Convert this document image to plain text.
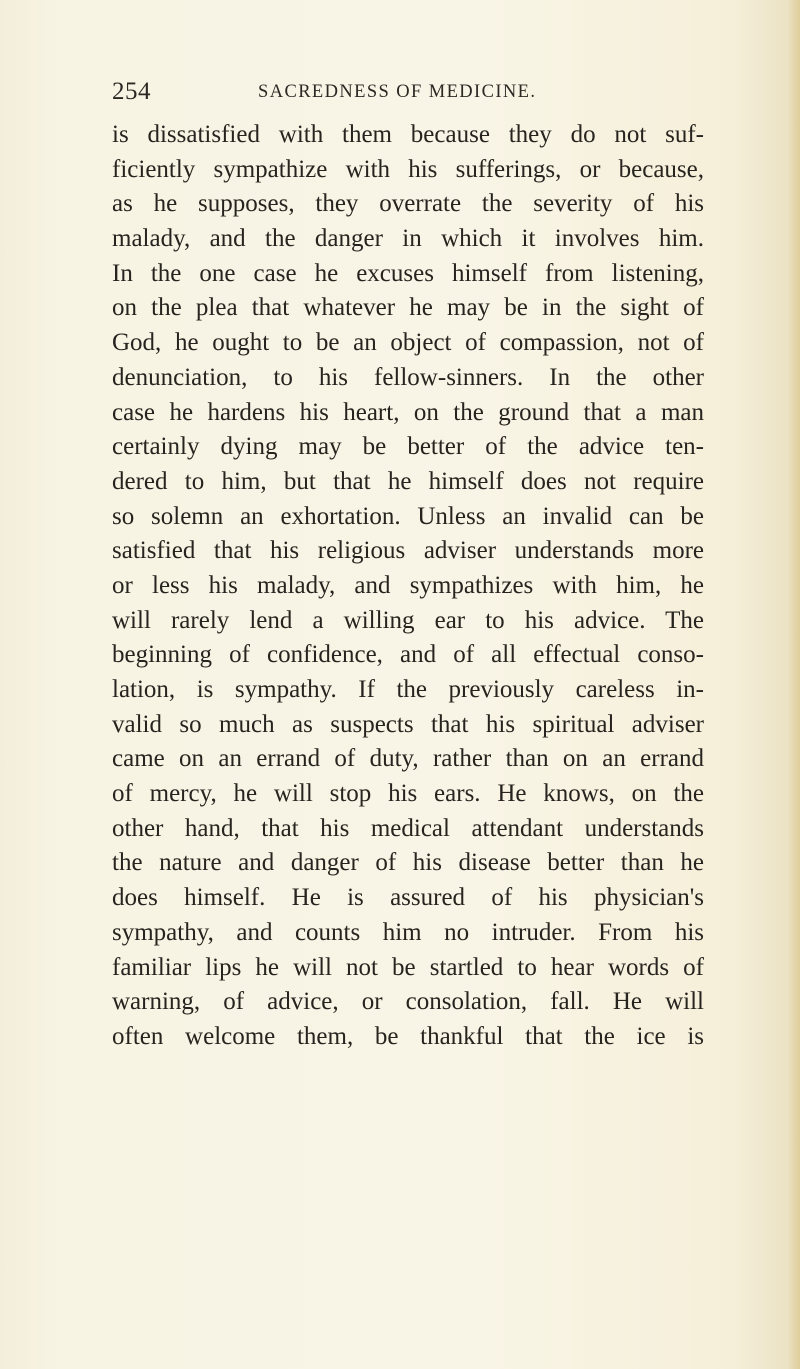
254	SACREDNESS OF MEDICINE.
is dissatisfied with them because they do not suf-
ficiently sympathize with his sufferings, or because,
as he supposes, they overrate the severity of his
malady, and the danger in which it involves him.
In the one case he excuses himself from listening,
on the plea that whatever he may be in the sight of
God, he ought to be an object of compassion, not of
denunciation, to his fellow-sinners. In the other
case he hardens his heart, on the ground that a man
certainly dying may be better of the advice ten-
dered to him, but that he himself does not require
so solemn an exhortation. Unless an invalid can be
satisfied that his religious adviser understands more
or less his malady, and sympathizes with him, he
will rarely lend a willing ear to his advice. The
beginning of confidence, and of all effectual conso-
lation, is sympathy. If the previously careless in-
valid so much as suspects that his spiritual adviser
came on an errand of duty, rather than on an errand
of mercy, he will stop his ears. He knows, on the
other hand, that his medical attendant understands
the nature and danger of his disease better than he
does himself. He is assured of his physician's
sympathy, and counts him no intruder. From his
familiar lips he will not be startled to hear words of
warning, of advice, or consolation, fall. He will
often welcome them, be thankful that the ice is
